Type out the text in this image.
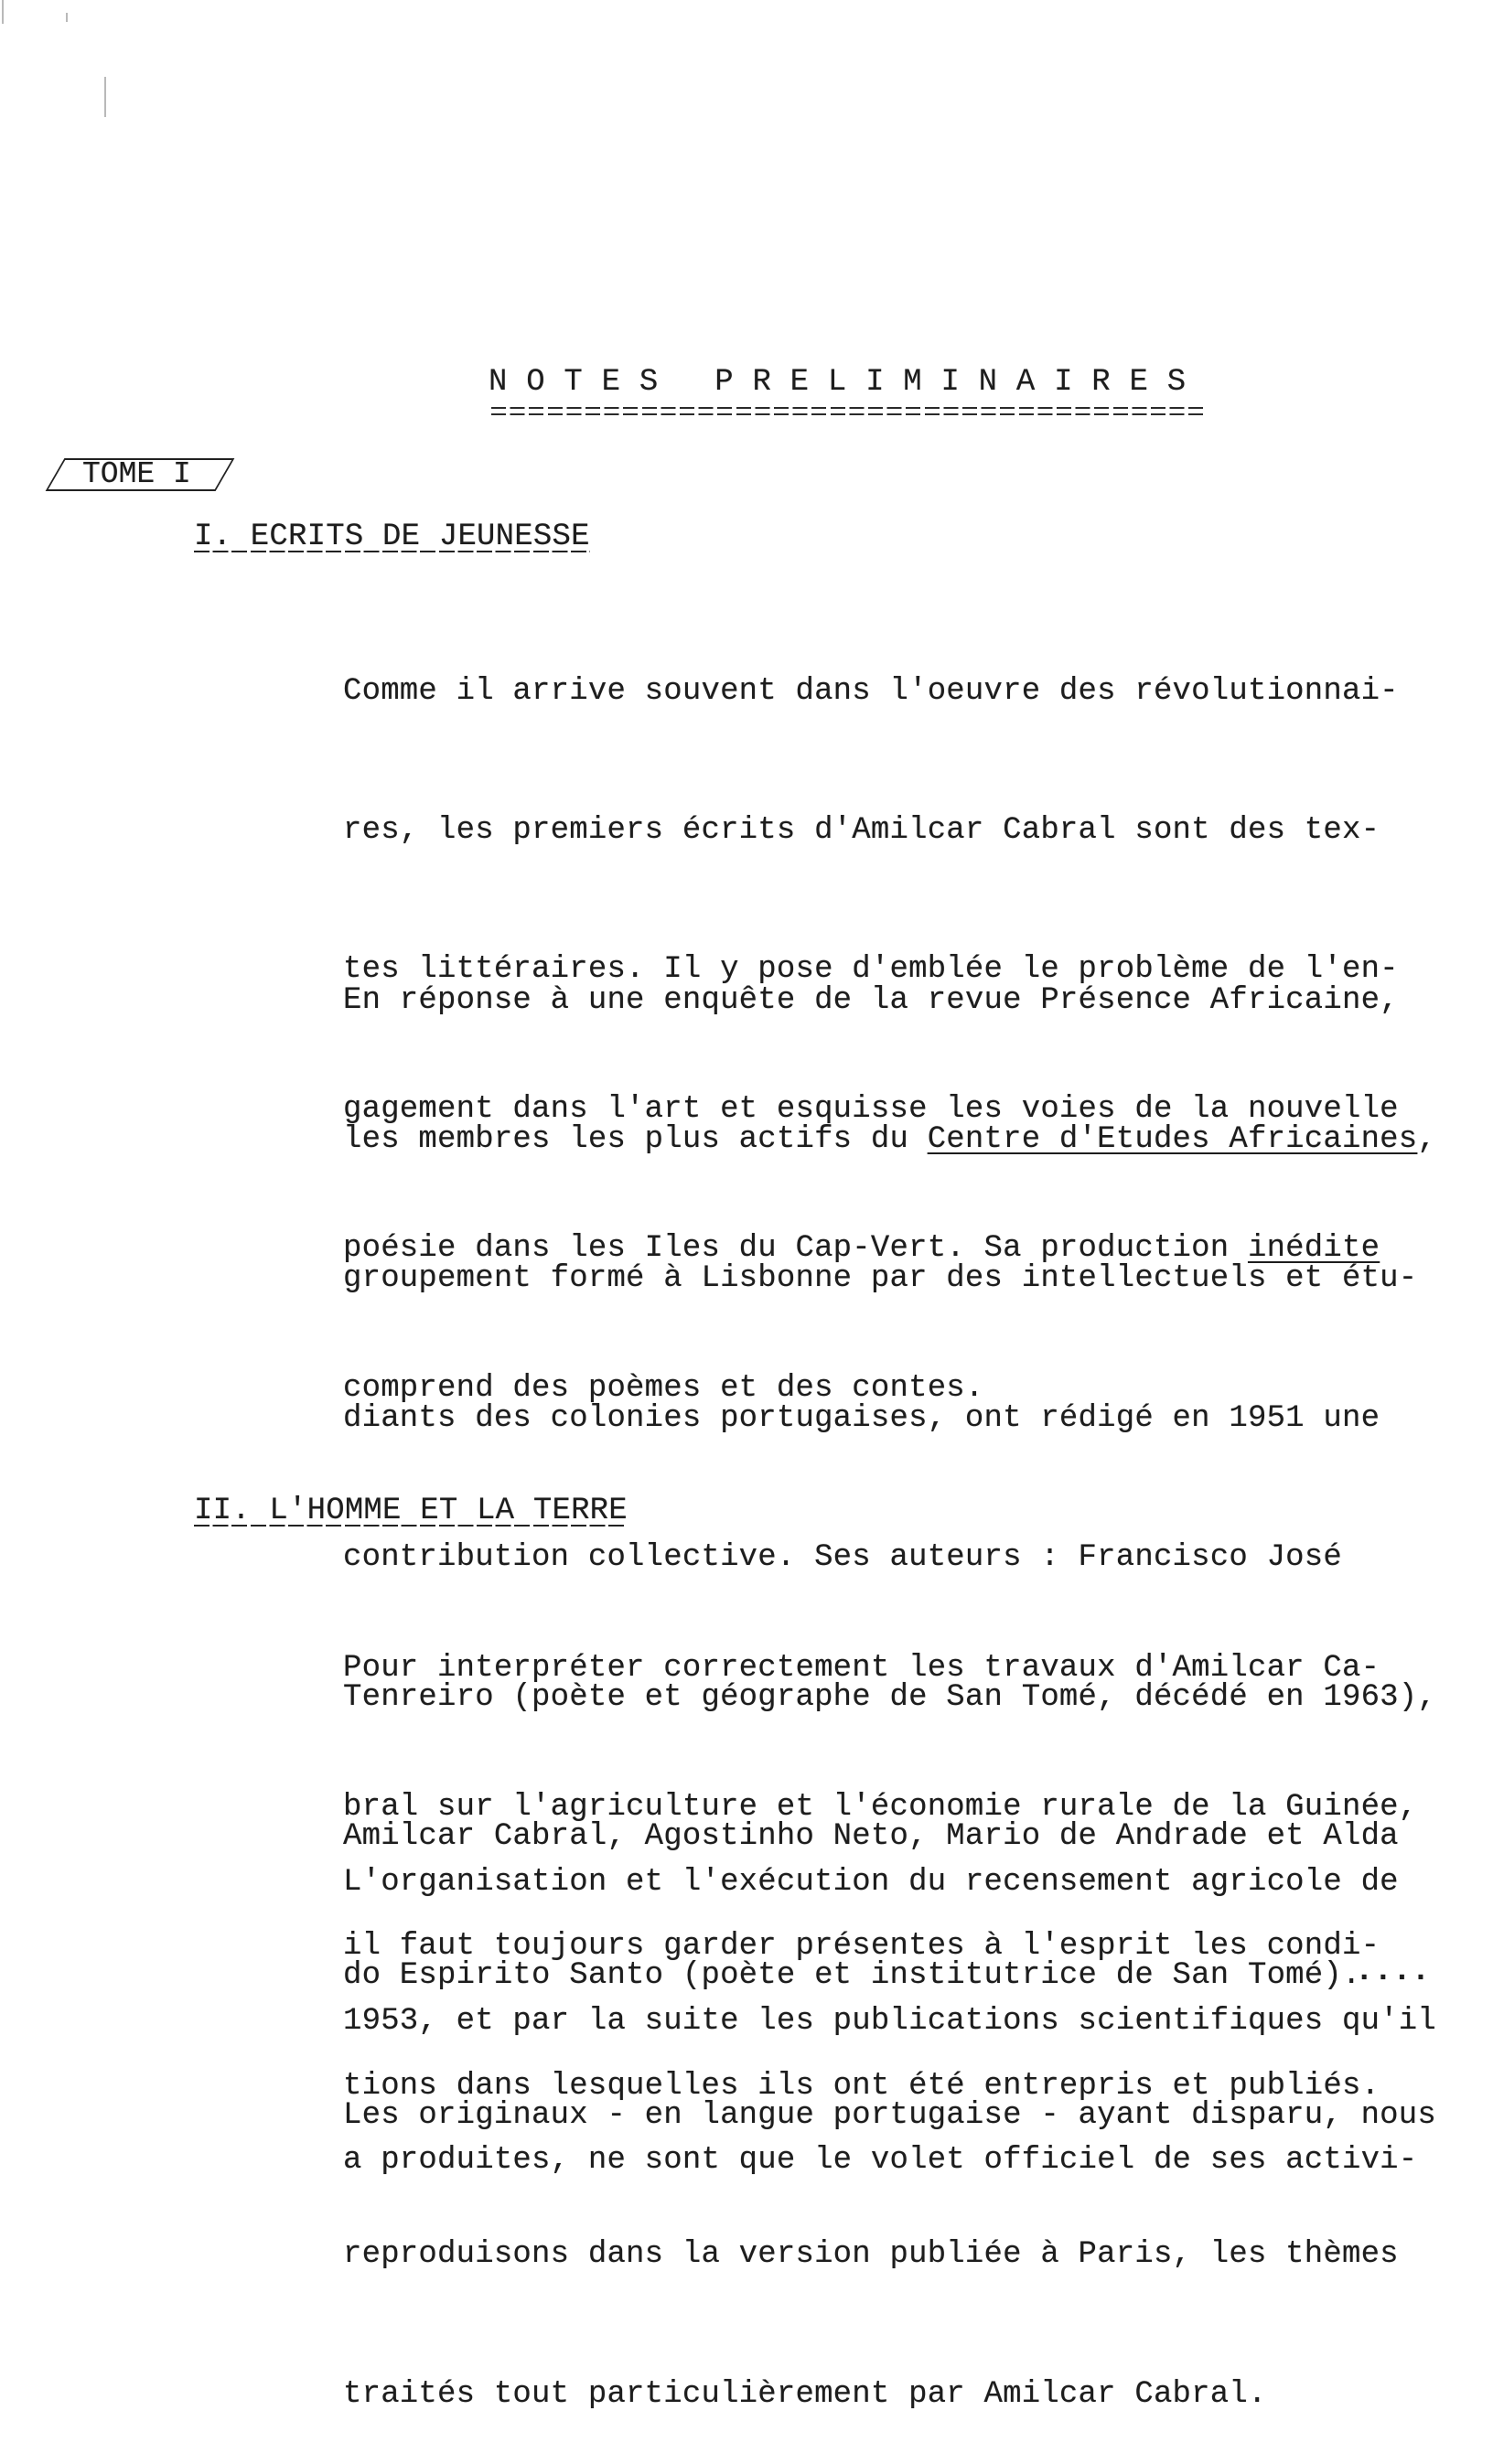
N O T E S   P R E L I M I N A I R E S
TOME I
I. ECRITS DE JEUNESSE

Comme il arrive souvent dans l'oeuvre des révolutionnai-

res, les premiers écrits d'Amilcar Cabral sont des tex-

tes littéraires. Il y pose d'emblée le problème de l'en-

gagement dans l'art et esquisse les voies de la nouvelle

poésie dans les Iles du Cap-Vert. Sa production inédite

comprend des poèmes et des contes.

En réponse à une enquête de la revue Présence Africaine,

les membres les plus actifs du Centre d'Etudes Africaines,

groupement formé à Lisbonne par des intellectuels et étu-

diants des colonies portugaises, ont rédigé en 1951 une

contribution collective. Ses auteurs : Francisco José

Tenreiro (poète et géographe de San Tomé, décédé en 1963),

Amilcar Cabral, Agostinho Neto, Mario de Andrade et Alda

do Espirito Santo (poète et institutrice de San Tomé).

Les originaux - en langue portugaise - ayant disparu, nous

reproduisons dans la version publiée à Paris, les thèmes

traités tout particulièrement par Amilcar Cabral.

II. L'HOMME ET LA TERRE

Pour interpréter correctement les travaux d'Amilcar Ca-

bral sur l'agriculture et l'économie rurale de la Guinée,

il faut toujours garder présentes à l'esprit les condi-

tions dans lesquelles ils ont été entrepris et publiés.

L'organisation et l'exécution du recensement agricole de

1953, et par la suite les publications scientifiques qu'il

a produites, ne sont que le volet officiel de ses activi-

....
